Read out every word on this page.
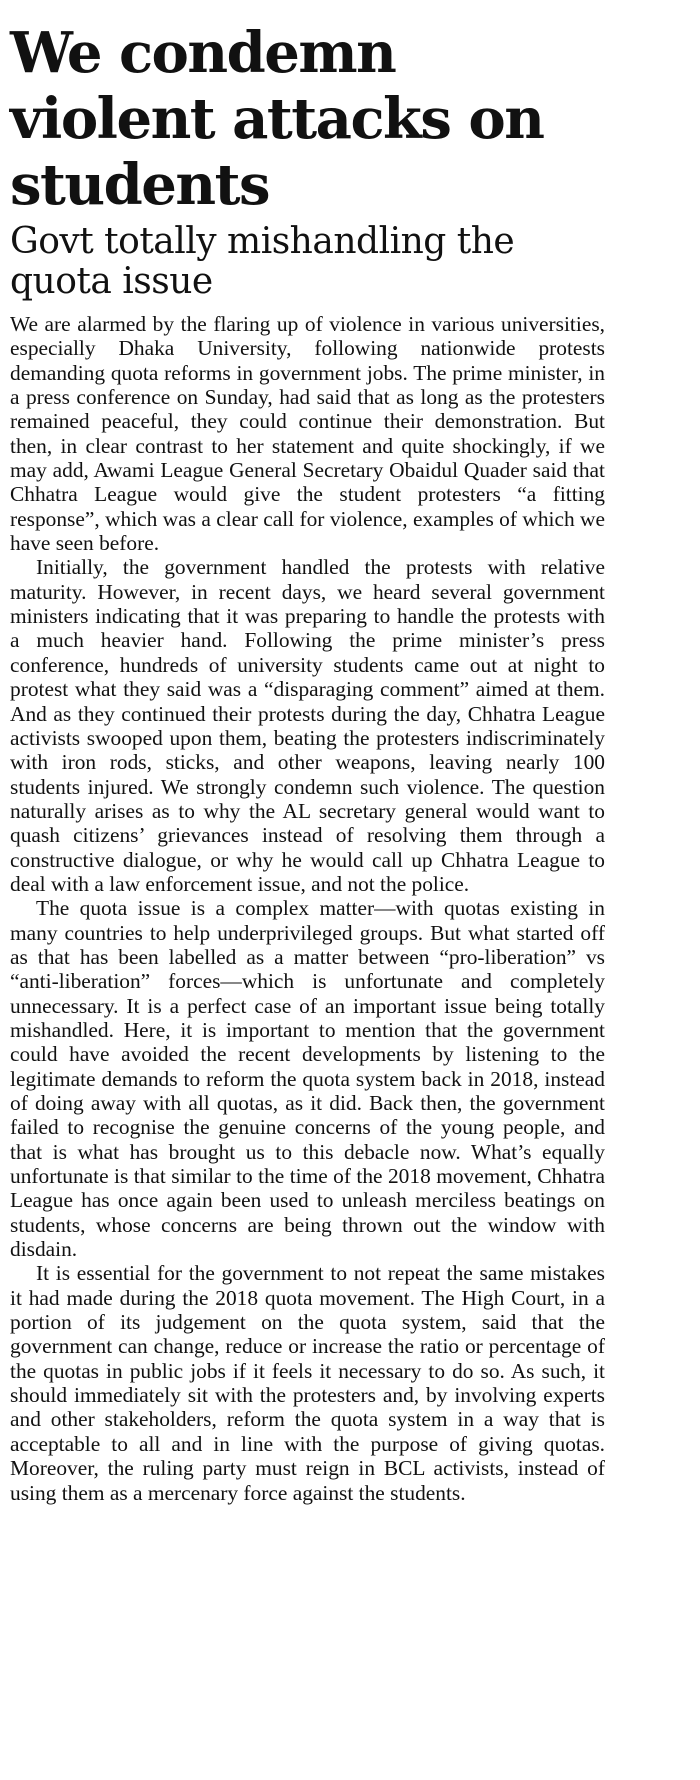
We condemn violent attacks on students
Govt totally mishandling the quota issue

We are alarmed by the flaring up of violence in various universities, especially Dhaka University, following nationwide protests demanding quota reforms in government jobs. The prime minister, in a press conference on Sunday, had said that as long as the protesters remained peaceful, they could continue their demonstration. But then, in clear contrast to her statement and quite shockingly, if we may add, Awami League General Secretary Obaidul Quader said that Chhatra League would give the student protesters “a fitting response”, which was a clear call for violence, examples of which we have seen before.

Initially, the government handled the protests with relative maturity. However, in recent days, we heard several government ministers indicating that it was preparing to handle the protests with a much heavier hand. Following the prime minister’s press conference, hundreds of university students came out at night to protest what they said was a “disparaging comment” aimed at them. And as they continued their protests during the day, Chhatra League activists swooped upon them, beating the protesters indiscriminately with iron rods, sticks, and other weapons, leaving nearly 100 students injured. We strongly condemn such violence. The question naturally arises as to why the AL secretary general would want to quash citizens’ grievances instead of resolving them through a constructive dialogue, or why he would call up Chhatra League to deal with a law enforcement issue, and not the police.

The quota issue is a complex matter—with quotas existing in many countries to help underprivileged groups. But what started off as that has been labelled as a matter between “pro-liberation” vs “anti-liberation” forces—which is unfortunate and completely unnecessary. It is a perfect case of an important issue being totally mishandled. Here, it is important to mention that the government could have avoided the recent developments by listening to the legitimate demands to reform the quota system back in 2018, instead of doing away with all quotas, as it did. Back then, the government failed to recognise the genuine concerns of the young people, and that is what has brought us to this debacle now. What’s equally unfortunate is that similar to the time of the 2018 movement, Chhatra League has once again been used to unleash merciless beatings on students, whose concerns are being thrown out the window with disdain.

It is essential for the government to not repeat the same mistakes it had made during the 2018 quota movement. The High Court, in a portion of its judgement on the quota system, said that the government can change, reduce or increase the ratio or percentage of the quotas in public jobs if it feels it necessary to do so. As such, it should immediately sit with the protesters and, by involving experts and other stakeholders, reform the quota system in a way that is acceptable to all and in line with the purpose of giving quotas. Moreover, the ruling party must reign in BCL activists, instead of using them as a mercenary force against the students.
